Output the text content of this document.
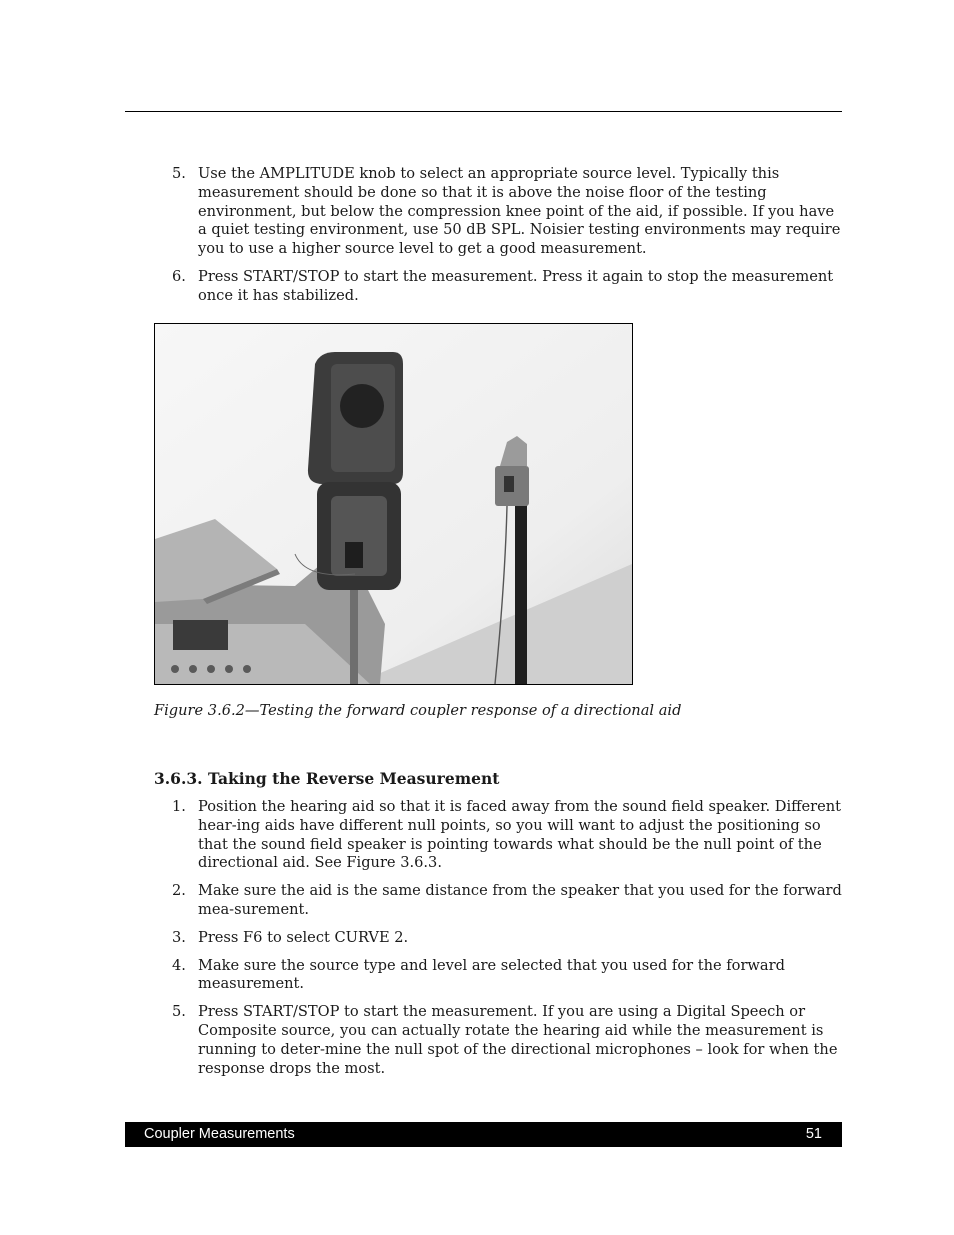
5. Use the AMPLITUDE knob to select an appropriate source level. Typically this measurement should be done so that it is above the noise floor of the testing environment, but below the compression knee point of the aid, if possible. If you have a quiet testing environment, use 50 dB SPL. Noisier testing environments may require you to use a higher source level to get a good measurement.
6. Press START/STOP to start the measurement. Press it again to stop the measurement once it has stabilized.
Figure 3.6.2—Testing the forward coupler response of a directional aid
3.6.3. Taking the Reverse Measurement
1. Position the hearing aid so that it is faced away from the sound field speaker. Different hear-ing aids have different null points, so you will want to adjust the positioning so that the sound field speaker is pointing towards what should be the null point of the directional aid. See Figure 3.6.3.
2. Make sure the aid is the same distance from the speaker that you used for the forward mea-surement.
3. Press F6 to select CURVE 2.
4. Make sure the source type and level are selected that you used for the forward measurement.
5. Press START/STOP to start the measurement. If you are using a Digital Speech or Composite source, you can actually rotate the hearing aid while the measurement is running to deter-mine the null spot of the directional microphones – look for when the response drops the most.
Coupler Measurements	51
